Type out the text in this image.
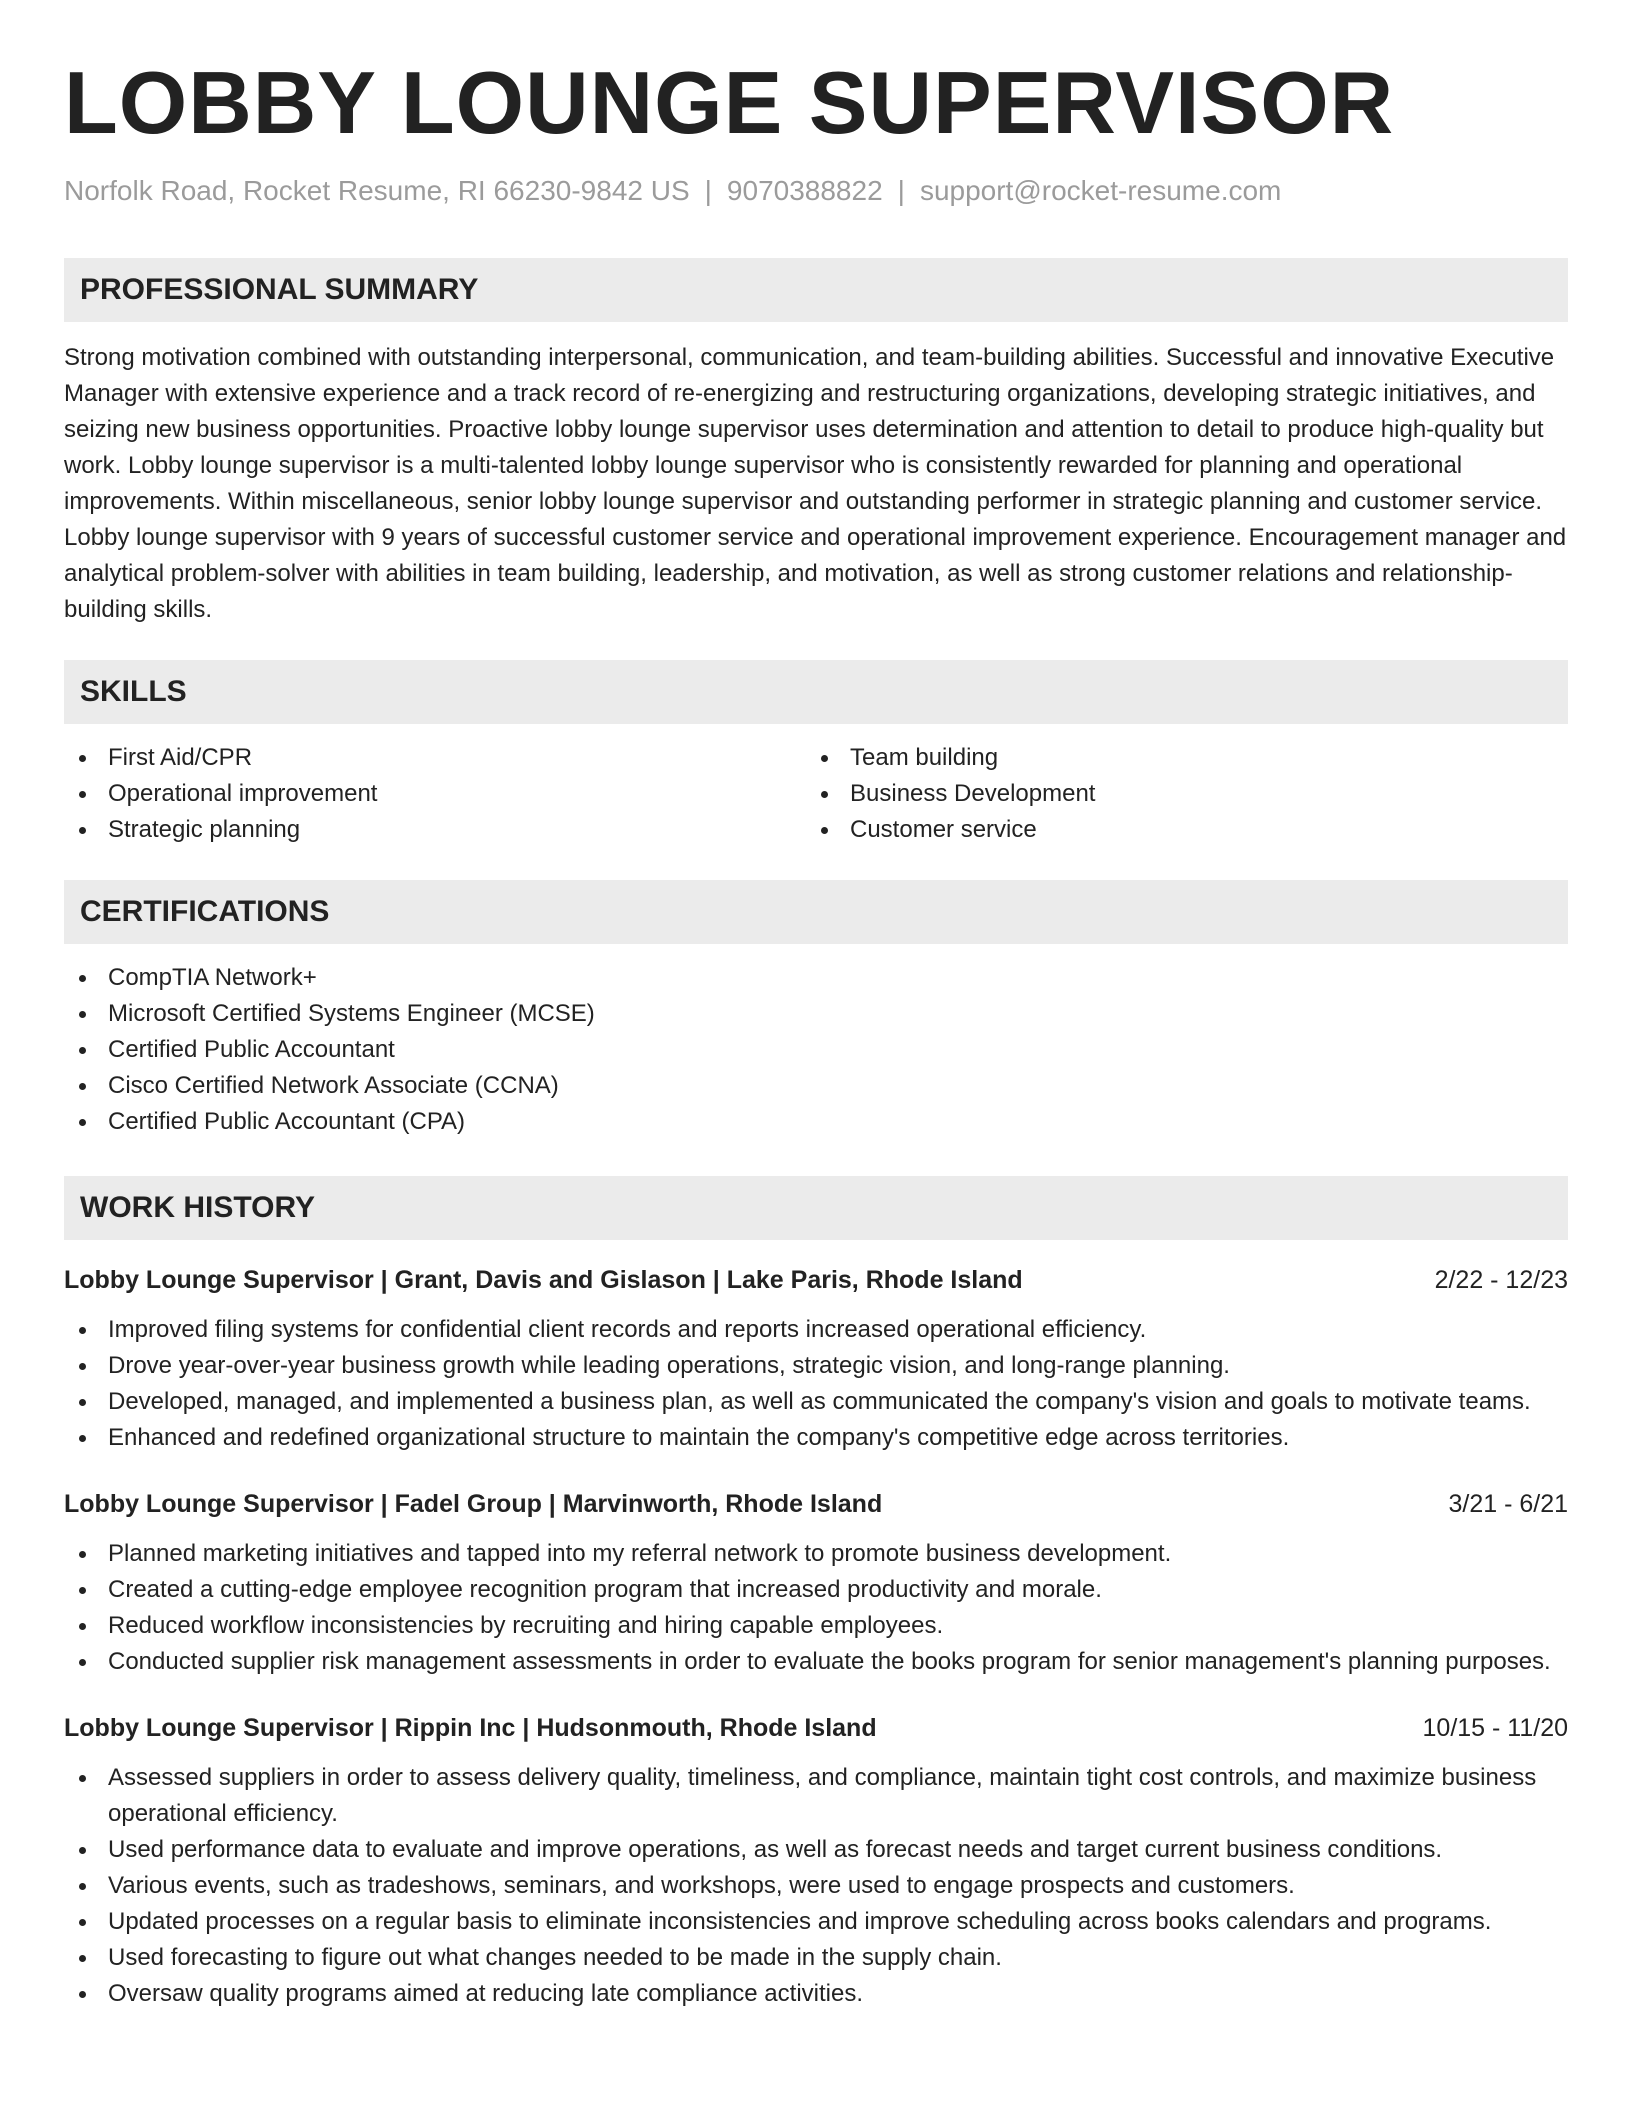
LOBBY LOUNGE SUPERVISOR
Norfolk Road, Rocket Resume, RI 66230-9842 US | 9070388822 | support@rocket-resume.com
PROFESSIONAL SUMMARY
Strong motivation combined with outstanding interpersonal, communication, and team-building abilities. Successful and innovative Executive Manager with extensive experience and a track record of re-energizing and restructuring organizations, developing strategic initiatives, and seizing new business opportunities. Proactive lobby lounge supervisor uses determination and attention to detail to produce high-quality but work. Lobby lounge supervisor is a multi-talented lobby lounge supervisor who is consistently rewarded for planning and operational improvements. Within miscellaneous, senior lobby lounge supervisor and outstanding performer in strategic planning and customer service. Lobby lounge supervisor with 9 years of successful customer service and operational improvement experience. Encouragement manager and analytical problem-solver with abilities in team building, leadership, and motivation, as well as strong customer relations and relationship-building skills.
SKILLS
First Aid/CPR
Operational improvement
Strategic planning
Team building
Business Development
Customer service
CERTIFICATIONS
CompTIA Network+
Microsoft Certified Systems Engineer (MCSE)
Certified Public Accountant
Cisco Certified Network Associate (CCNA)
Certified Public Accountant (CPA)
WORK HISTORY
Lobby Lounge Supervisor | Grant, Davis and Gislason | Lake Paris, Rhode Island	2/22 - 12/23
Improved filing systems for confidential client records and reports increased operational efficiency.
Drove year-over-year business growth while leading operations, strategic vision, and long-range planning.
Developed, managed, and implemented a business plan, as well as communicated the company's vision and goals to motivate teams.
Enhanced and redefined organizational structure to maintain the company's competitive edge across territories.
Lobby Lounge Supervisor | Fadel Group | Marvinworth, Rhode Island	3/21 - 6/21
Planned marketing initiatives and tapped into my referral network to promote business development.
Created a cutting-edge employee recognition program that increased productivity and morale.
Reduced workflow inconsistencies by recruiting and hiring capable employees.
Conducted supplier risk management assessments in order to evaluate the books program for senior management's planning purposes.
Lobby Lounge Supervisor | Rippin Inc | Hudsonmouth, Rhode Island	10/15 - 11/20
Assessed suppliers in order to assess delivery quality, timeliness, and compliance, maintain tight cost controls, and maximize business operational efficiency.
Used performance data to evaluate and improve operations, as well as forecast needs and target current business conditions.
Various events, such as tradeshows, seminars, and workshops, were used to engage prospects and customers.
Updated processes on a regular basis to eliminate inconsistencies and improve scheduling across books calendars and programs.
Used forecasting to figure out what changes needed to be made in the supply chain.
Oversaw quality programs aimed at reducing late compliance activities.
